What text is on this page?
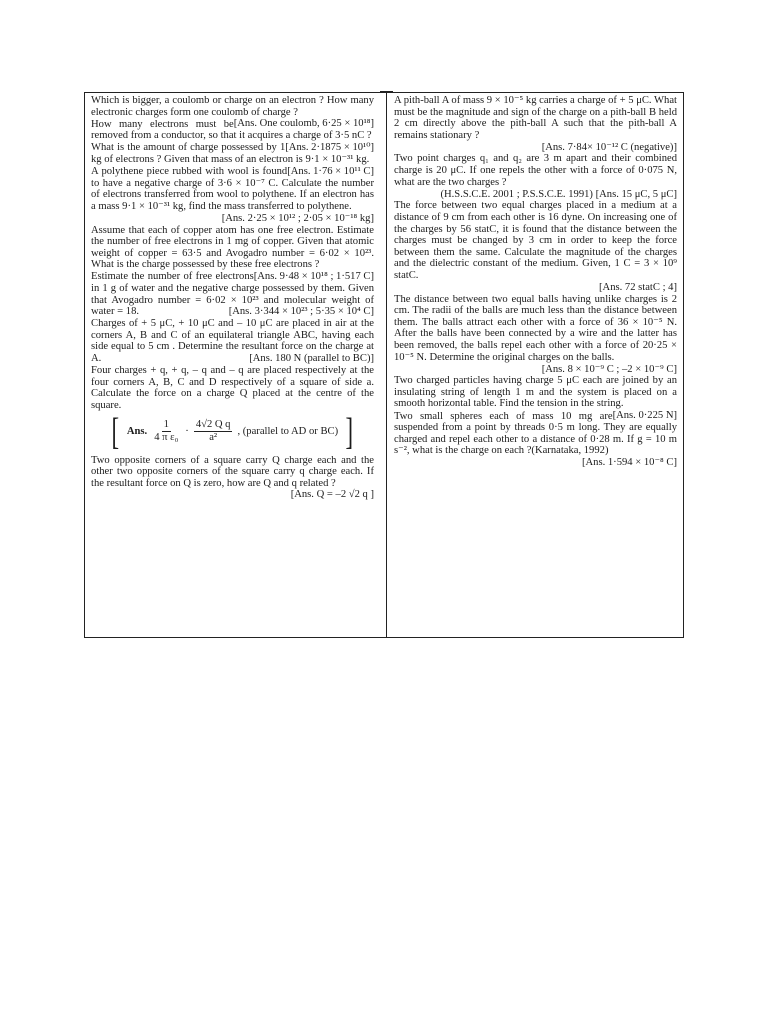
Which is bigger, a coulomb or charge on an electron ? How many electronic charges form one coulomb of charge ?
[Ans. One coulomb, 6·25 × 10¹⁸]

How many electrons must be removed from a conductor, so that it acquires a charge of 3·5 nC ?
[Ans. 2·1875 × 10¹⁰]

What is the amount of charge possessed by 1 kg of electrons ? Given that mass of an electron is 9·1 × 10⁻³¹ kg.
[Ans. 1·76 × 10¹¹ C]

A polythene piece rubbed with wool is found to have a negative charge of 3·6 × 10⁻⁷ C. Calculate the number of electrons transferred from wool to polythene. If an electron has a mass 9·1 × 10⁻³¹ kg, find the mass transferred to polythene.

[Ans. 2·25 × 10¹² ; 2·05 × 10⁻¹⁸ kg]

Assume that each of copper atom has one free electron. Estimate the number of free electrons in 1 mg of copper. Given that atomic weight of copper = 63·5 and Avogadro number = 6·02 × 10²³. What is the charge possessed by these free electrons ?
[Ans. 9·48 × 10¹⁸ ; 1·517 C]

Estimate the number of free electrons in 1 g of water and the negative charge possessed by them. Given that Avogadro number = 6·02 × 10²³ and molecular weight of water = 18.	[Ans. 3·344 × 10²³ ; 5·35 × 10⁴ C]

Charges of + 5 μC, + 10 μC and – 10 μC are placed in air at the corners A, B and C of an equilateral triangle ABC, having each side equal to 5 cm . Determine the resultant force on the charge at A.	[Ans. 180 N (parallel to BC)]

Four charges + q, + q, – q and – q are placed respectively at the four corners A, B, C and D respectively of a square of side a. Calculate the force on a charge Q placed at the centre of the square.

[ Ans. $\frac{1}{\text{4 π ε₀}} \cdot \frac{\text{4√2 Q q}}{\text{a²}}$ , (parallel to AD or BC) ]

Two opposite corners of a square carry Q charge each and the other two opposite corners of the square carry q charge each. If the resultant force on Q is zero, how are Q and q related ?
[Ans. Q = –2 √2 q ]

A pith-ball A of mass 9 × 10⁻⁵ kg carries a charge of + 5 μC. What must be the magnitude and sign of the charge on a pith-ball B held 2 cm directly above the pith-ball A such that the pith-ball A remains stationary ?

[Ans. 7·84× 10⁻¹² C (negative)]

Two point charges q₁ and q₂ are 3 m apart and their combined charge is 20 μC. If one repels the other with a force of 0·075 N, what are the two charges ?

(H.S.S.C.E. 2001 ; P.S.S.C.E. 1991) [Ans. 15 μC, 5 μC]

The force between two equal charges placed in a medium at a distance of 9 cm from each other is 16 dyne. On increasing one of the charges by 56 statC, it is found that the distance between the charges must be changed by 3 cm in order to keep the force between them the same. Calculate the magnitude of the charges and the dielectric constant of the medium. Given, 1 C = 3 × 10⁹ statC.

[Ans. 72 statC ; 4]

The distance between two equal balls having unlike charges is 2 cm. The radii of the balls are much less than the distance between them. The balls attract each other with a force of 36 × 10⁻⁵ N. After the balls have been connected by a wire and the latter has been removed, the balls repel each other with a force of 20·25 × 10⁻⁵ N. Determine the original charges on the balls.

[Ans. 8 × 10⁻⁹ C ; –2 × 10⁻⁹ C]

Two charged particles having charge 5 μC each are joined by an insulating string of length 1 m and the system is placed on a smooth horizontal table. Find the tension in the string.
[Ans. 0·225 N]

Two small spheres each of mass 10 mg are suspended from a point by threads 0·5 m long. They are equally charged and repel each other to a distance of 0·28 m. If g = 10 m s⁻², what is the charge on each ?(Karnataka, 1992)

[Ans. 1·594 × 10⁻⁸ C]
